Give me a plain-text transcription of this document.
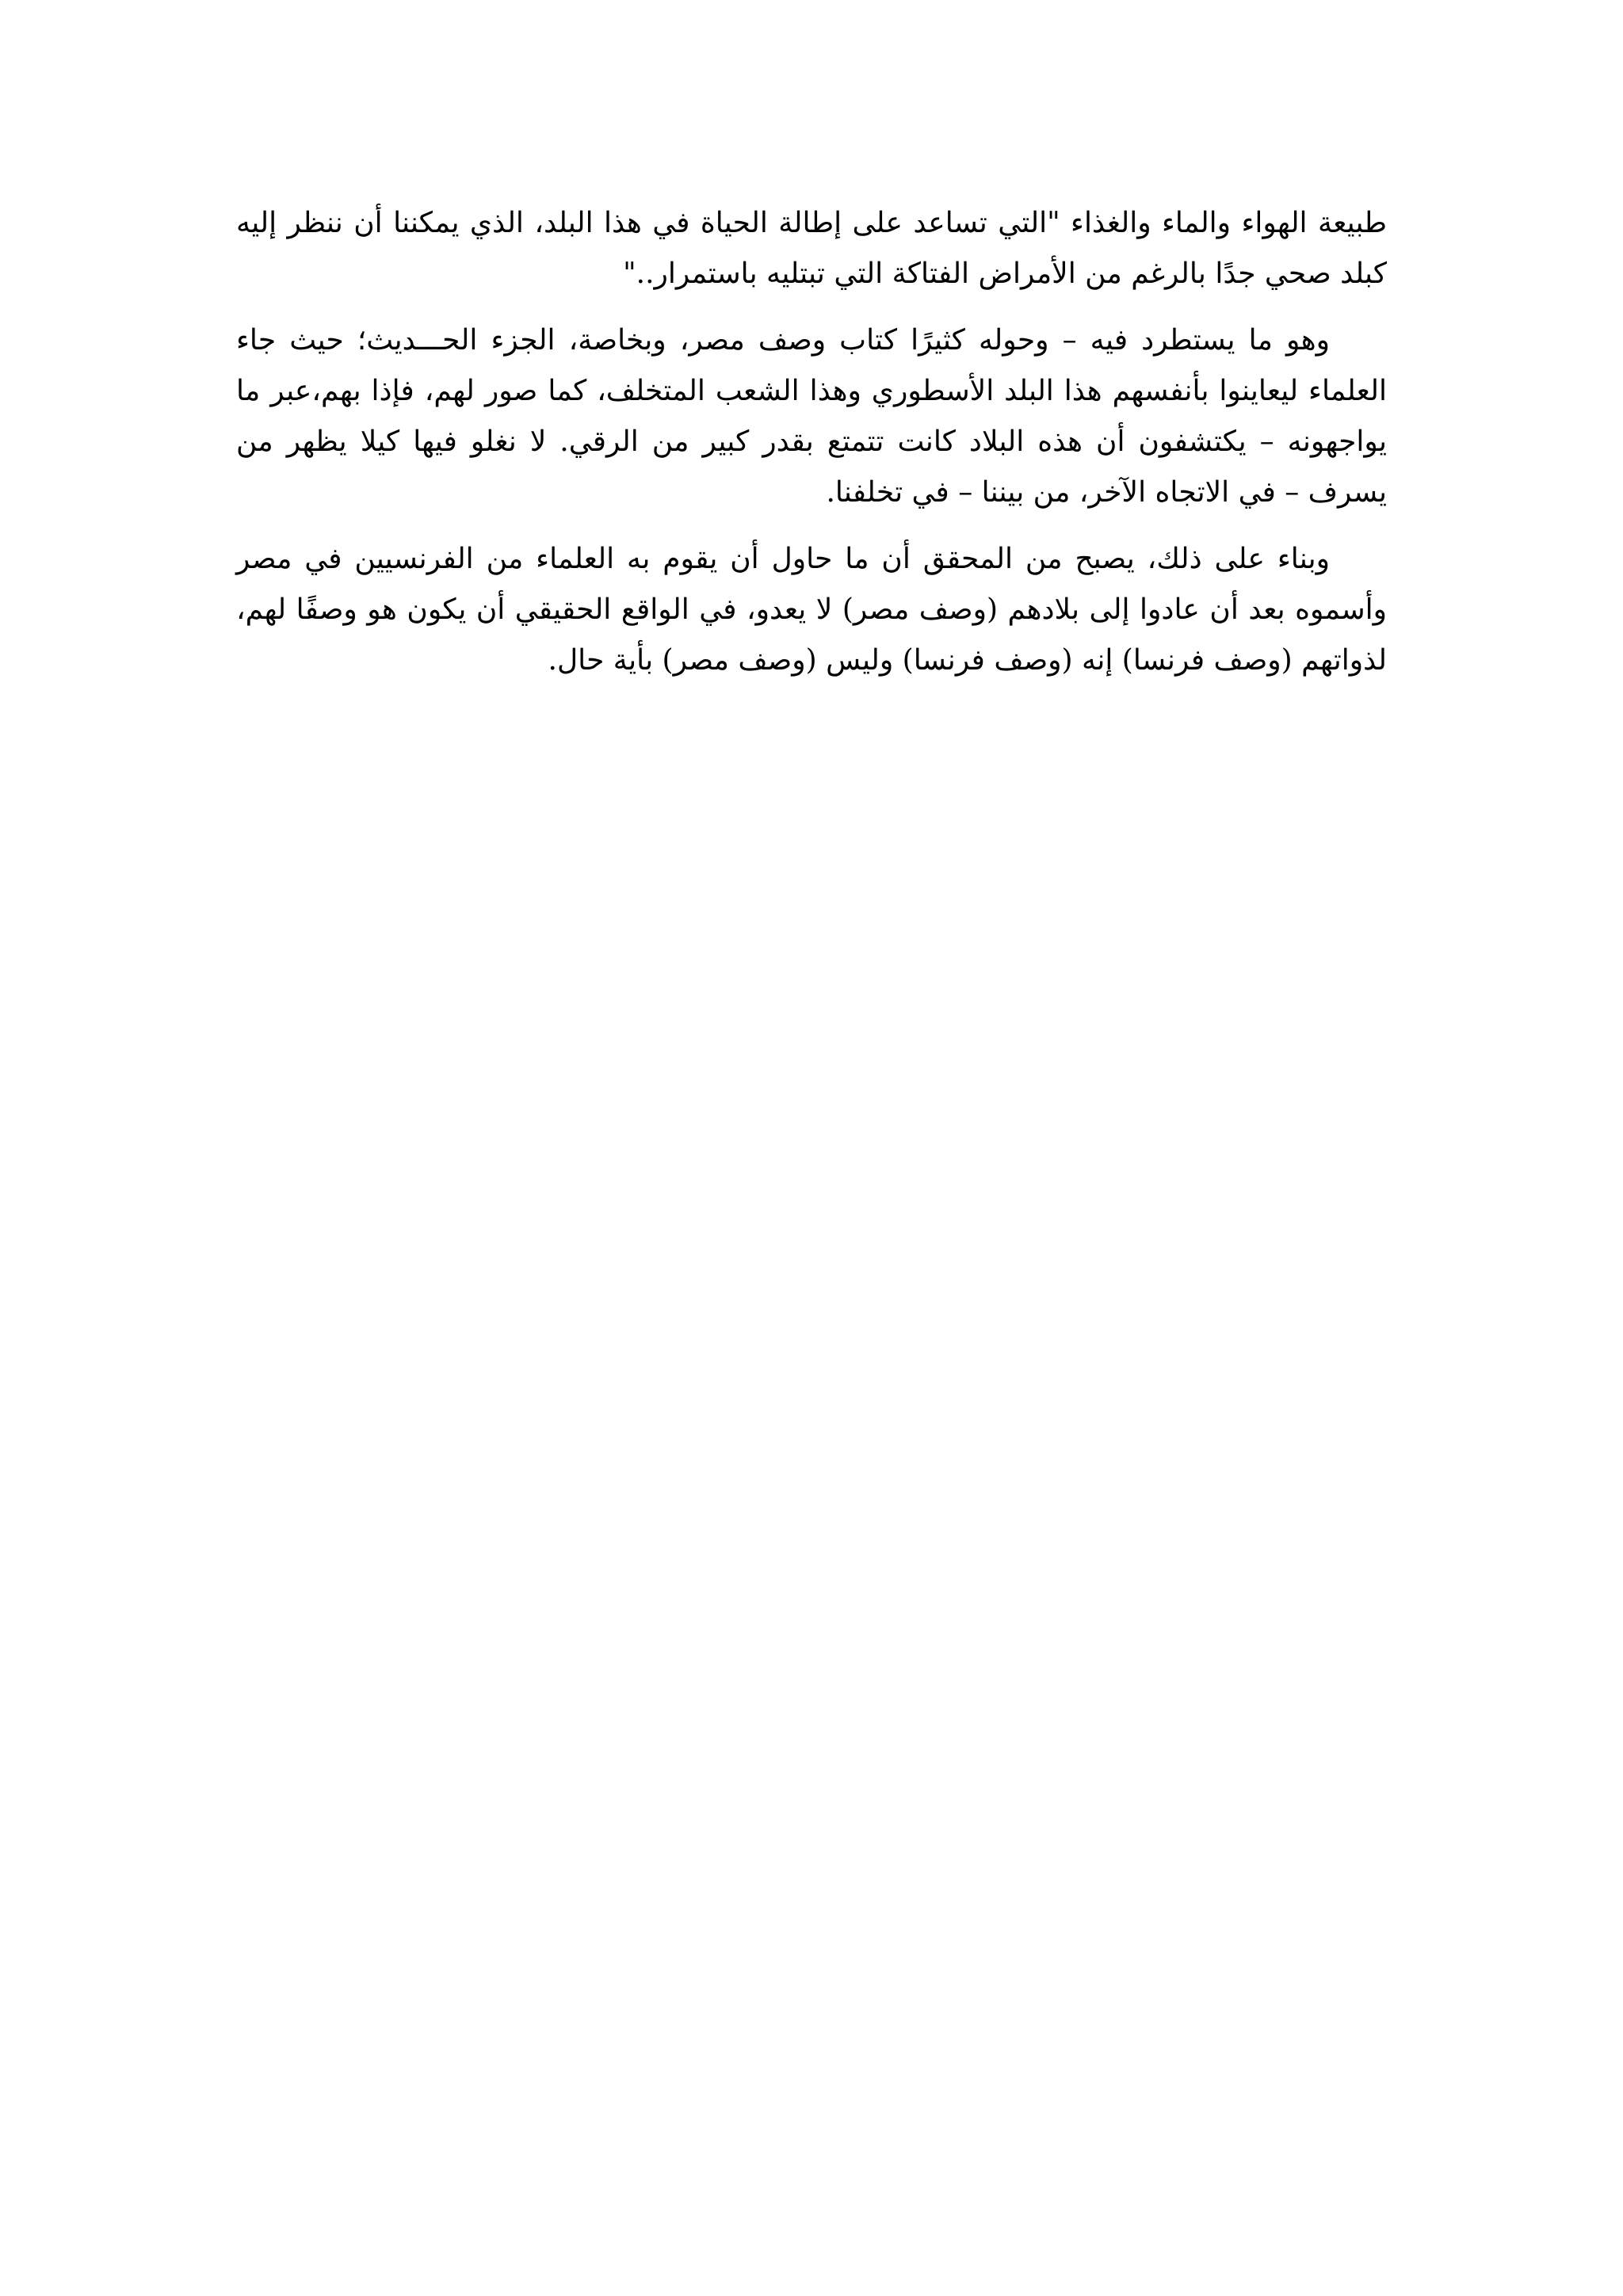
طبيعة الهواء والماء والغذاء "التي تساعد على إطالة الحياة في هذا البلد، الذي يمكننا أن ننظر إليه كبلد صحي جدًا بالرغم من الأمراض الفتاكة التي تبتليه باستمرار.."

وهو ما يستطرد فيه – وحوله كثيرًا كتاب وصف مصر، وبخاصة، الجزء الحـــديث؛ حيث جاء العلماء ليعاينوا بأنفسهم هذا البلد الأسطوري وهذا الشعب المتخلف، كما صور لهم، فإذا بهم،عبر ما يواجهونه – يكتشفون أن هذه البلاد كانت تتمتع بقدر كبير من الرقي. لا نغلو فيها كيلا يظهر من يسرف – في الاتجاه الآخر، من بيننا – في تخلفنا.

وبناء على ذلك، يصبح من المحقق أن ما حاول أن يقوم به العلماء من الفرنسيين في مصر وأسموه بعد أن عادوا إلى بلادهم (وصف مصر) لا يعدو، في الواقع الحقيقي أن يكون هو وصفًا لهم، لذواتهم (وصف فرنسا) إنه (وصف فرنسا) وليس (وصف مصر) بأية حال.
